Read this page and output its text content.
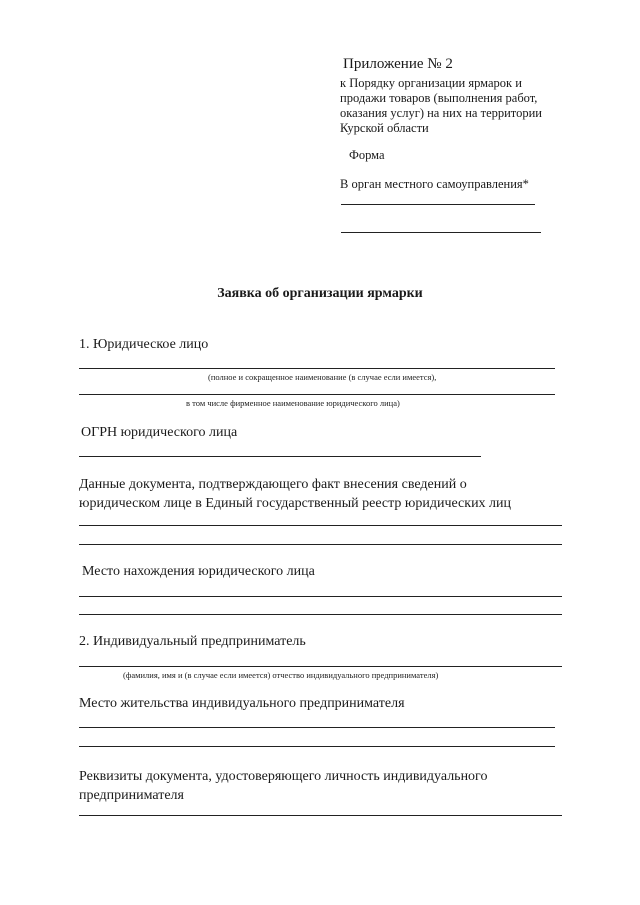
Приложение № 2
к Порядку организации ярмарок и
продажи товаров (выполнения работ,
оказания услуг) на них на территории
Курской области
Форма
В орган местного самоуправления*
Заявка об организации ярмарки
1. Юридическое лицо
(полное и сокращенное наименование (в случае если имеется),
в том числе фирменное наименование юридического лица)
ОГРН юридического лица
Данные документа, подтверждающего факт внесения сведений о
юридическом лице в Единый государственный реестр юридических лиц
Место нахождения юридического лица
2. Индивидуальный предприниматель
(фамилия, имя и (в случае если имеется) отчество индивидуального предпринимателя)
Место жительства индивидуального предпринимателя
Реквизиты документа, удостоверяющего личность индивидуального
предпринимателя
